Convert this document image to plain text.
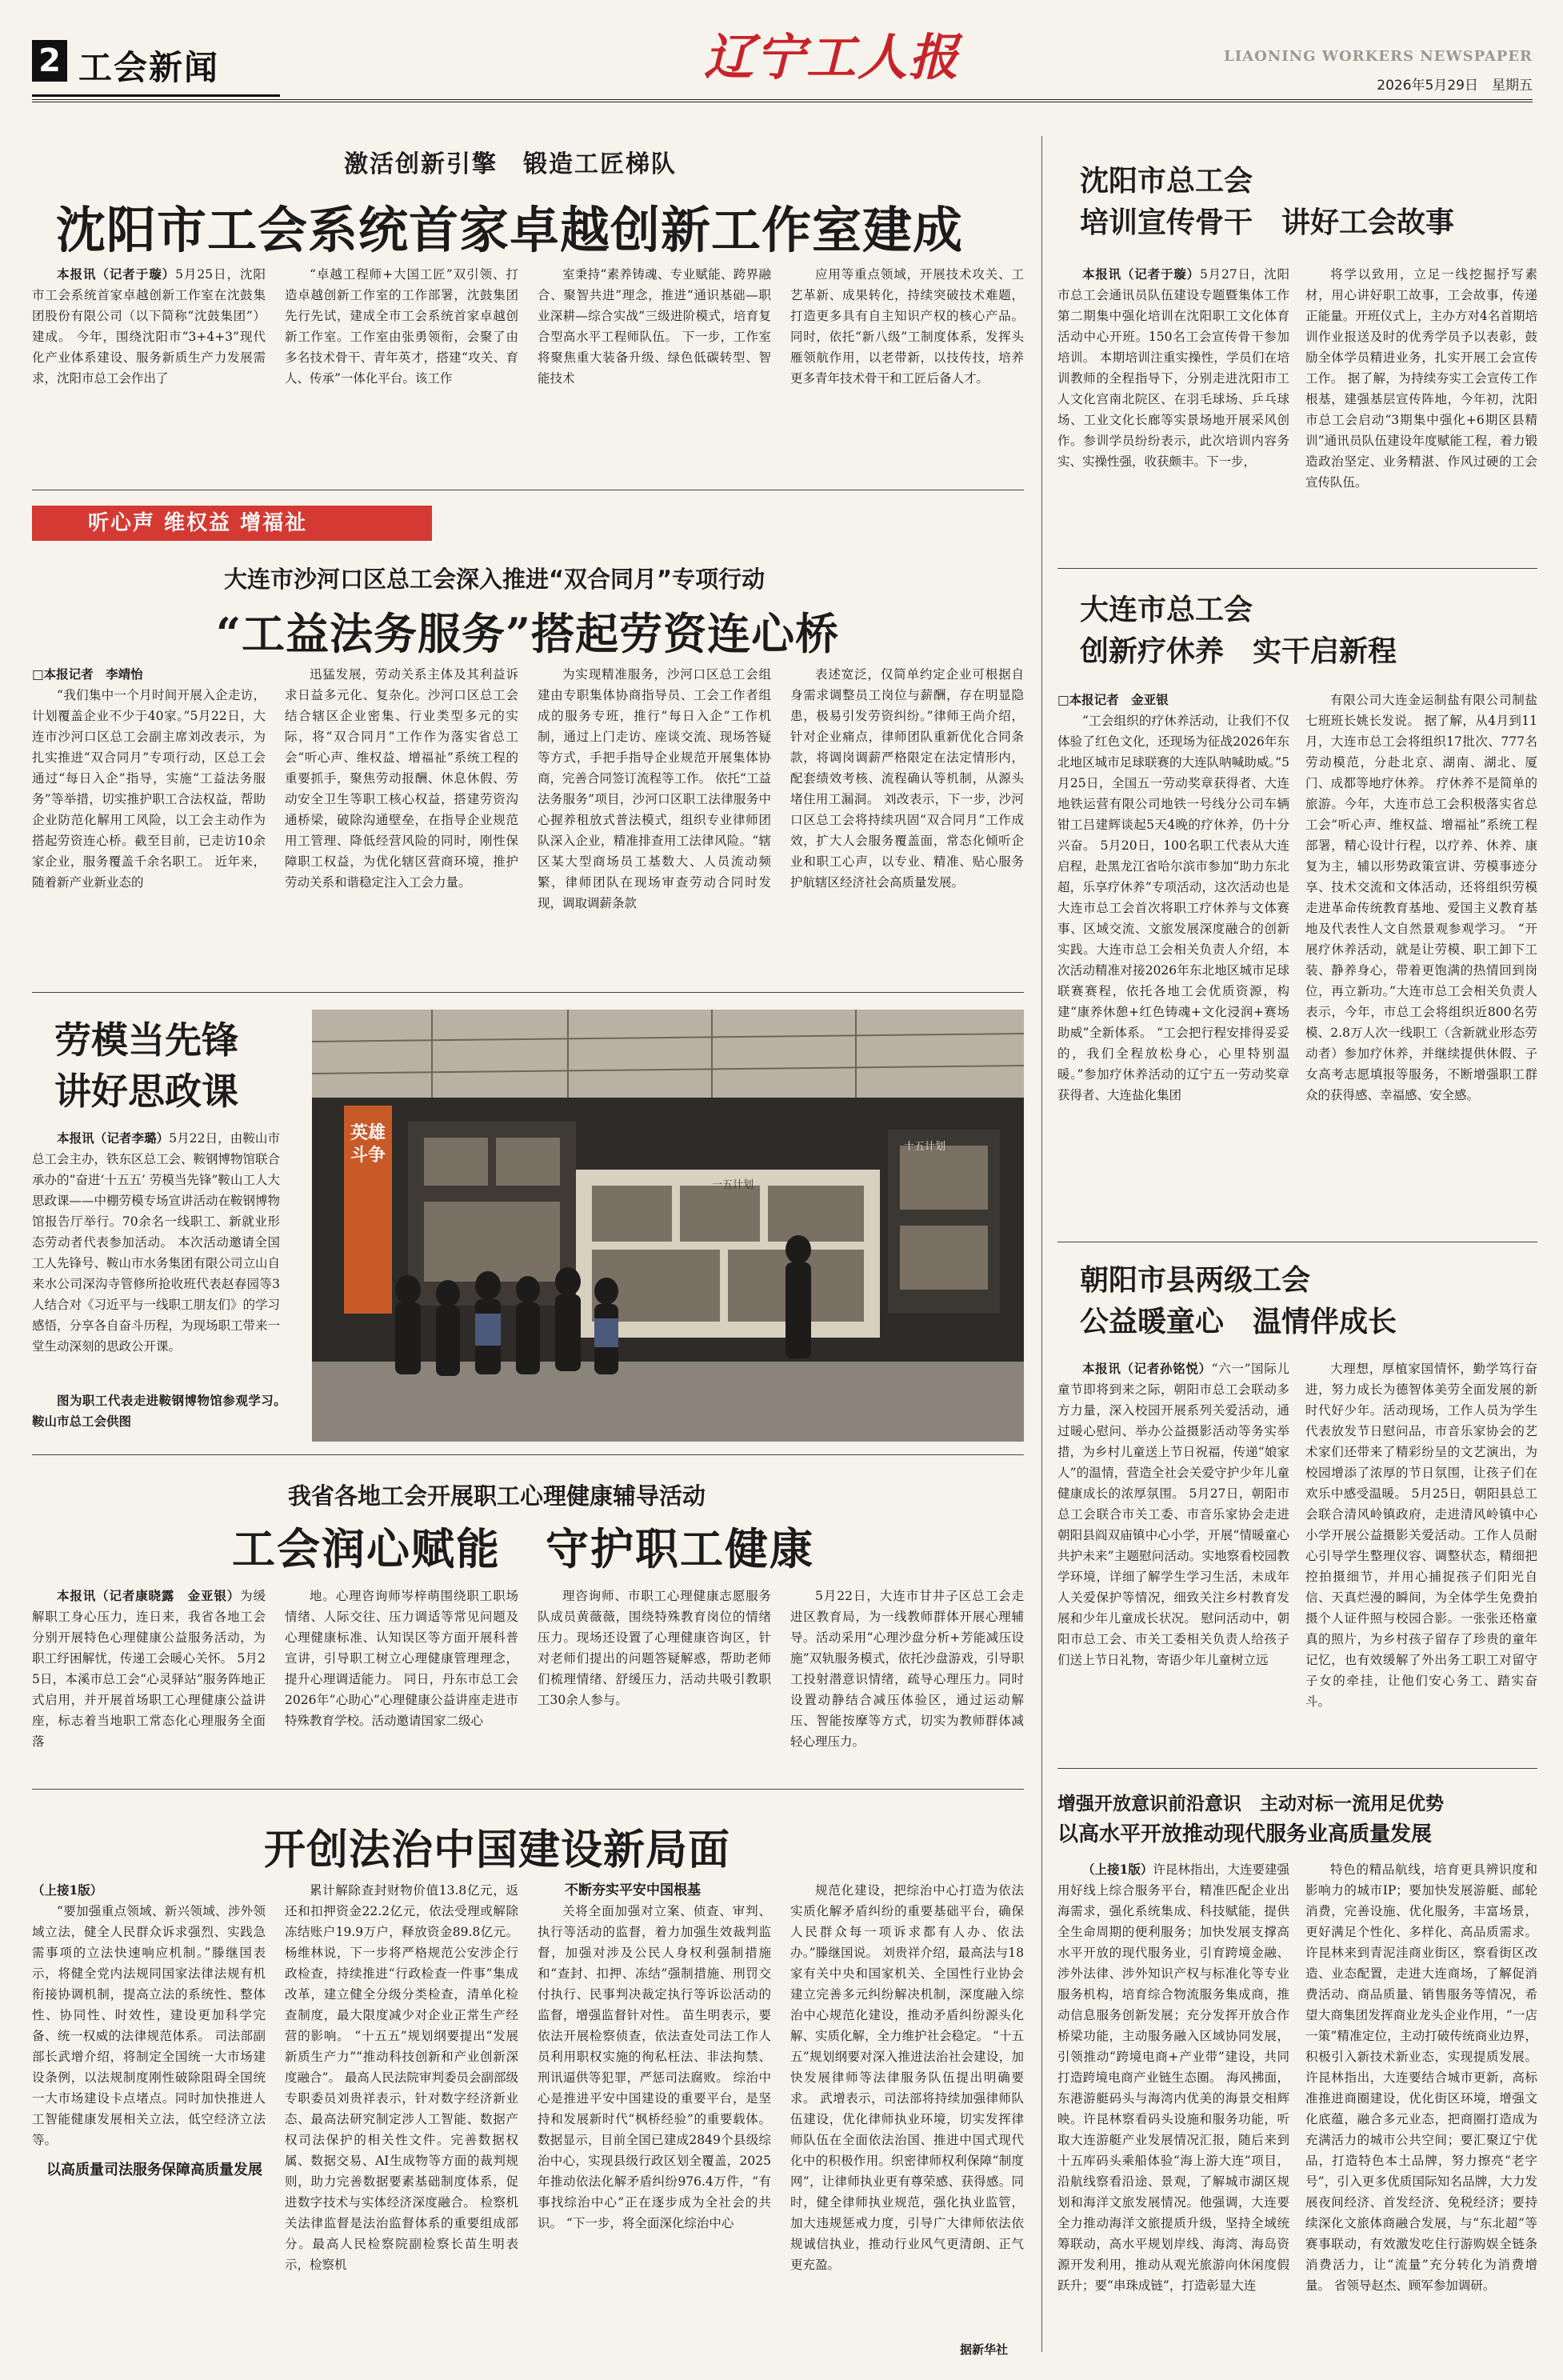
2 工会新闻	辽宁工人报	LIAONING WORKERS NEWSPAPER
2026年5月29日　 星期五
激活创新引擎　锻造工匠梯队
沈阳市工会系统首家卓越创新工作室建成

本报讯（记者于璇）5月25日，沈阳市工会系统首家卓越创新工作室在沈鼓集团股份有限公司（以下简称“沈鼓集团”）建成。 今年，围绕沈阳市“3+4+3”现代化产业体系建设、服务新质生产力发展需求，沈阳市总工会作出了

“卓越工程师+大国工匠”双引领、打造卓越创新工作室的工作部署，沈鼓集团先行先试，建成全市工会系统首家卓越创新工作室。工作室由张勇领衔，会聚了由多名技术骨干、青年英才，搭建“攻关、育人、传承”一体化平台。该工作

室秉持“素养铸魂、专业赋能、跨界融合、聚智共进”理念，推进“通识基础—职业深耕—综合实战”三级进阶模式，培育复合型高水平工程师队伍。 下一步，工作室将聚焦重大装备升级、绿色低碳转型、智能技术

应用等重点领域，开展技术攻关、工艺革新、成果转化，持续突破技术难题，打造更多具有自主知识产权的核心产品。同时，依托“新八级”工制度体系，发挥头雁领航作用，以老带新，以技传技，培养更多青年技术骨干和工匠后备人才。

听心声 维权益 增福祉
大连市沙河口区总工会深入推进“双合同月”专项行动
“工益法务服务”搭起劳资连心桥

□本报记者　李靖怡

“我们集中一个月时间开展入企走访，计划覆盖企业不少于40家。”5月22日，大连市沙河口区总工会副主席刘改表示，为扎实推进“双合同月”专项行动，区总工会通过“每日入企”指导，实施“工益法务服务”等举措，切实推护职工合法权益，帮助企业防范化解用工风险，以工会主动作为搭起劳资连心桥。截至目前，已走访10余家企业，服务覆盖千余名职工。 近年来，随着新产业新业态的

迅猛发展，劳动关系主体及其利益诉求日益多元化、复杂化。沙河口区总工会结合辖区企业密集、行业类型多元的实际，将“双合同月”工作作为落实省总工会“听心声、维权益、增福祉”系统工程的重要抓手，聚焦劳动报酬、休息休假、劳动安全卫生等职工核心权益，搭建劳资沟通桥梁，破除沟通壁垒，在指导企业规范用工管理、降低经营风险的同时，刚性保障职工权益，为优化辖区营商环境，推护劳动关系和谐稳定注入工会力量。

为实现精准服务，沙河口区总工会组建由专职集体协商指导员、工会工作者组成的服务专班，推行“每日入企”工作机制，通过上门走访、座谈交流、现场答疑等方式，手把手指导企业规范开展集体协商，完善合同签订流程等工作。 依托“工益法务服务”项目，沙河口区职工法律服务中心握养租放式普法模式，组织专业律师团队深入企业，精准排查用工法律风险。“辖区某大型商场员工基数大、人员流动频繁，律师团队在现场审查劳动合同时发现，调取调薪条款

表述宽泛，仅简单约定企业可根据自身需求调整员工岗位与薪酬，存在明显隐患，极易引发劳资纠纷。”律师王尚介绍，针对企业痛点，律师团队重新优化合同条款，将调岗调薪严格限定在法定情形内，配套绩效考核、流程确认等机制，从源头堵住用工漏洞。 刘改表示，下一步，沙河口区总工会将持续巩固“双合同月”工作成效，扩大人会服务覆盖面，常态化倾听企业和职工心声，以专业、精准、贴心服务护航辖区经济社会高质量发展。

劳模当先锋
讲好思政课

本报讯（记者李璐）5月22日，由鞍山市总工会主办，铁东区总工会、鞍钢博物馆联合承办的“奋进‘十五五’ 劳模当先锋”鞍山工人大思政课——中棚劳模专场宣讲活动在鞍钢博物馆报告厅举行。70余名一线职工、新就业形态劳动者代表参加活动。 本次活动邀请全国工人先锋号、鞍山市水务集团有限公司立山自来水公司深沟寺管修所抢收班代表赵春园等3人结合对《习近平与一线职工朋友们》的学习感悟，分享各自奋斗历程，为现场职工带来一堂生动深刻的思政公开课。

图为职工代表走进鞍钢博物馆参观学习。　　鞍山市总工会供图

英雄斗争
一五计划
十五计划
我省各地工会开展职工心理健康辅导活动
工会润心赋能　守护职工健康

本报讯（记者康晓露　金亚银）为缓解职工身心压力，连日来，我省各地工会分别开展特色心理健康公益服务活动，为职工纾困解忧，传递工会暖心关怀。 5月25日，本溪市总工会“心灵驿站”服务阵地正式启用，并开展首场职工心理健康公益讲座，标志着当地职工常态化心理服务全面落

地。心理咨询师岑梓萌围绕职工职场情绪、人际交往、压力调适等常见问题及心理健康标准、认知误区等方面开展科普宣讲，引导职工树立心理健康管理理念，提升心理调适能力。 同日，丹东市总工会2026年“心助心”心理健康公益讲座走进市特殊教育学校。活动邀请国家二级心

理咨询师、市职工心理健康志愿服务队成员黄薇薇，围绕特殊教育岗位的情绪压力。现场还设置了心理健康咨询区，针对老师们提出的问题答疑解惑，帮助老师们梳理情绪、舒缓压力，活动共吸引教职工30余人参与。

5月22日，大连市甘井子区总工会走进区教育局，为一线教师群体开展心理辅导。活动采用“心理沙盘分析+芳能减压设施”双轨服务模式，依托沙盘游戏，引导职工投射潜意识情绪，疏导心理压力。同时设置动静结合减压体验区，通过运动解压、智能按摩等方式，切实为教师群体减轻心理压力。

开创法治中国建设新局面

（上接1版）

“要加强重点领域、新兴领域、涉外领域立法，健全人民群众诉求强烈、实践急需事项的立法快速响应机制。”滕继国表示，将健全党内法规同国家法律法规有机衔接协调机制，提高立法的系统性、整体性、协同性、时效性，建设更加科学完备、统一权威的法律规范体系。 司法部副部长武增介绍，将制定全国统一大市场建设条例，以法规制度刚性破除阻碍全国统一大市场建设卡点堵点。同时加快推进人工智能健康发展相关立法，低空经济立法等。

以高质量司法服务保障高质量发展

累计解除查封财物价值13.8亿元，返还和扣押资金22.2亿元，依法受理或解除冻结账户19.9万户，释放资金89.8亿元。 杨维林说，下一步将严格规范公安涉企行政检查，持续推进“行政检查一件事”集成改革，建立健全分级分类检查，清单化检查制度，最大限度减少对企业正常生产经营的影响。 “十五五”规划纲要提出“发展新质生产力”“推动科技创新和产业创新深度融合”。 最高人民法院审判委员会副部级专职委员刘贵祥表示，针对数字经济新业态、最高法研究制定涉人工智能、数据产权司法保护的相关性文件。完善数据权属、数据交易、AI生成物等方面的裁判规则，助力完善数据要素基础制度体系，促进数字技术与实体经济深度融合。 检察机关法律监督是法治监督体系的重要组成部分。最高人民检察院副检察长苗生明表示，检察机

不断夯实平安中国根基

关将全面加强对立案、侦查、审判、执行等活动的监督，着力加强生效裁判监督，加强对涉及公民人身权利强制措施和“查封、扣押、冻结”强制措施、刑罚交付执行、民事判决裁定执行等诉讼活动的监督，增强监督针对性。 苗生明表示，要依法开展检察侦查，依法查处司法工作人员利用职权实施的徇私枉法、非法拘禁、刑讯逼供等犯罪，严惩司法腐败。 综治中心是推进平安中国建设的重要平台，是坚持和发展新时代“枫桥经验”的重要载体。 数据显示，目前全国已建成2849个县级综治中心，实现县级行政区划全覆盖，2025年推动依法化解矛盾纠纷976.4万件，“有事找综治中心”正在逐步成为全社会的共识。 “下一步，将全面深化综治中心

规范化建设，把综治中心打造为依法实质化解矛盾纠纷的重要基础平台，确保人民群众每一项诉求都有人办、依法办。”滕继国说。 刘贵祥介绍，最高法与18家有关中央和国家机关、全国性行业协会建立完善多元纠纷解决机制，深度融入综治中心规范化建设，推动矛盾纠纷源头化解、实质化解，全力维护社会稳定。 “十五五”规划纲要对深入推进法治社会建设，加快发展律师等法律服务队伍提出明确要求。 武增表示，司法部将持续加强律师队伍建设，优化律师执业环境，切实发挥律师队伍在全面依法治国、推进中国式现代化中的积极作用。织密律师权利保障“制度网”，让律师执业更有尊荣感、获得感。同时，健全律师执业规范，强化执业监管，加大违规惩戒力度，引导广大律师依法依规诚信执业，推动行业风气更清朗、正气更充盈。

据新华社
沈阳市总工会
培训宣传骨干　讲好工会故事

本报讯（记者于璇）5月27日，沈阳市总工会通讯员队伍建设专题暨集体工作第二期集中强化培训在沈阳职工文化体育活动中心开班。150名工会宣传骨干参加培训。 本期培训注重实操性，学员们在培训教师的全程指导下，分别走进沈阳市工人文化宫南北院区、在羽毛球场、乒乓球场、工业文化长廊等实景场地开展采风创作。参训学员纷纷表示，此次培训内容务实、实操性强，收获颇丰。下一步，

将学以致用，立足一线挖掘抒写素材，用心讲好职工故事，工会故事，传递正能量。开班仪式上，主办方对4名首期培训作业报送及时的优秀学员予以表彰，鼓励全体学员精进业务，扎实开展工会宣传工作。 据了解，为持续夯实工会宣传工作根基，建强基层宣传阵地，今年初，沈阳市总工会启动“3期集中强化+6期区县精训”通讯员队伍建设年度赋能工程，着力锻造政治坚定、业务精湛、作风过硬的工会宣传队伍。

大连市总工会
创新疗休养　实干启新程

□本报记者　金亚银

“工会组织的疗休养活动，让我们不仅体验了红色文化，还现场为征战2026年东北地区城市足球联赛的大连队呐喊助威。”5月25日，全国五一劳动奖章获得者、大连地铁运营有限公司地铁一号线分公司车辆钳工吕建辉谈起5天4晚的疗休养，仍十分兴奋。 5月20日，100名职工代表从大连启程，赴黑龙江省哈尔滨市参加“助力东北超，乐享疗休养”专项活动，这次活动也是大连市总工会首次将职工疗休养与文体赛事、区域交流、文旅发展深度融合的创新实践。大连市总工会相关负责人介绍，本次活动精准对接2026年东北地区城市足球联赛赛程，依托各地工会优质资源，构建“康养休憩+红色铸魂+文化浸润+赛场助威”全新体系。 “工会把行程安排得妥妥的，我们全程放松身心，心里特别温暖。”参加疗休养活动的辽宁五一劳动奖章获得者、大连盐化集团

有限公司大连金运制盐有限公司制盐七班班长姚长发说。 据了解，从4月到11月，大连市总工会将组织17批次、777名劳动模范，分赴北京、湖南、湖北、厦门、成都等地疗休养。 疗休养不是简单的旅游。今年，大连市总工会积极落实省总工会“听心声、维权益、增福祉”系统工程部署，精心设计行程，以疗养、休养、康复为主，辅以形势政策宣讲、劳模事迹分享、技术交流和文体活动，还将组织劳模走进革命传统教育基地、爱国主义教育基地及代表性人文自然景观参观学习。 “开展疗休养活动，就是让劳模、职工卸下工装、静养身心，带着更饱满的热情回到岗位，再立新功。”大连市总工会相关负责人表示，今年，市总工会将组织近800名劳模、2.8万人次一线职工（含新就业形态劳动者）参加疗休养，并继续提供休假、子女高考志愿填报等服务，不断增强职工群众的获得感、幸福感、安全感。

朝阳市县两级工会
公益暖童心　温情伴成长

本报讯（记者孙铭悦）“六一”国际儿童节即将到来之际，朝阳市总工会联动多方力量，深入校园开展系列关爱活动，通过暖心慰问、举办公益摄影活动等务实举措，为乡村儿童送上节日祝福，传递“娘家人”的温情，营造全社会关爱守护少年儿童健康成长的浓厚氛围。 5月27日，朝阳市总工会联合市关工委、市音乐家协会走进朝阳县阎双庙镇中心小学，开展“情暖童心　共护未来”主题慰问活动。实地察看校园教学环境，详细了解学生学习生活，未成年人关爱保护等情况，细致关注乡村教育发展和少年儿童成长状况。 慰问活动中，朝阳市总工会、市关工委相关负责人给孩子们送上节日礼物，寄语少年儿童树立远

大理想，厚植家国情怀，勤学笃行奋进，努力成长为德智体美劳全面发展的新时代好少年。活动现场，工作人员为学生代表放发节日慰问品，市音乐家协会的艺术家们还带来了精彩纷呈的文艺演出，为校园增添了浓厚的节日氛围，让孩子们在欢乐中感受温暖。 5月25日，朝阳县总工会联合清风岭镇政府，走进清风岭镇中心小学开展公益摄影关爱活动。工作人员耐心引导学生整理仪容、调整状态，精细把控拍摄细节，并用心捕捉孩子们阳光自信、天真烂漫的瞬间，为全体学生免费拍摄个人证件照与校园合影。一张张还格童真的照片，为乡村孩子留存了珍贵的童年记忆，也有效缓解了外出务工职工对留守子女的牵挂，让他们安心务工、踏实奋斗。

增强开放意识前沿意识　主动对标一流用足优势
以高水平开放推动现代服务业高质量发展

（上接1版）许昆林指出，大连要建强用好线上综合服务平台，精准匹配企业出海需求，强化系统集成、科技赋能，提供全生命周期的便利服务；加快发展支撑高水平开放的现代服务业，引育跨境金融、涉外法律、涉外知识产权与标准化等专业服务机构，培育综合物流服务集成商，推动信息服务创新发展；充分发挥开放合作桥梁功能，主动服务融入区域协同发展，引领推动“跨境电商+产业带”建设，共同打造跨境电商产业链生态圈。 海风拂面，东港游艇码头与海湾内优美的海景交相辉映。许昆林察看码头设施和服务功能，听取大连游艇产业发展情况汇报，随后来到十五库码头乘船体验“海上游大连”项目，沿航线察看沿途、景观，了解城市湖区规划和海洋文旅发展情况。他强调，大连要全力推动海洋文旅提质升级，坚持全域统筹联动，高水平规划岸线、海湾、海岛资源开发利用，推动从观光旅游向休闲度假跃升；要“串珠成链”，打造彰显大连

特色的精品航线，培育更具辨识度和影响力的城市IP；要加快发展游艇、邮轮消费，完善设施、优化服务，丰富场景，更好满足个性化、多样化、高品质需求。 许昆林来到青泥洼商业街区，察看街区改造、业态配置，走进大连商场，了解促消费活动、商品质量、销售服务等情况，希望大商集团发挥商业龙头企业作用，“一店一策”精准定位，主动打破传统商业边界，积极引入新技术新业态，实现提质发展。许昆林指出，大连要结合城市更新，高标准推进商圈建设，优化街区环境，增强文化底蕴，融合多元业态，把商圈打造成为充满活力的城市公共空间；要汇聚辽宁优品，打造特色本土品牌，努力擦亮“老字号”，引入更多优质国际知名品牌，大力发展夜间经济、首发经济、免税经济；要持续深化文旅体商融合发展，与“东北超”等赛事联动，有效激发吃住行游购娱全链条消费活力，让“流量”充分转化为消费增量。 省领导赵杰、顾军参加调研。
